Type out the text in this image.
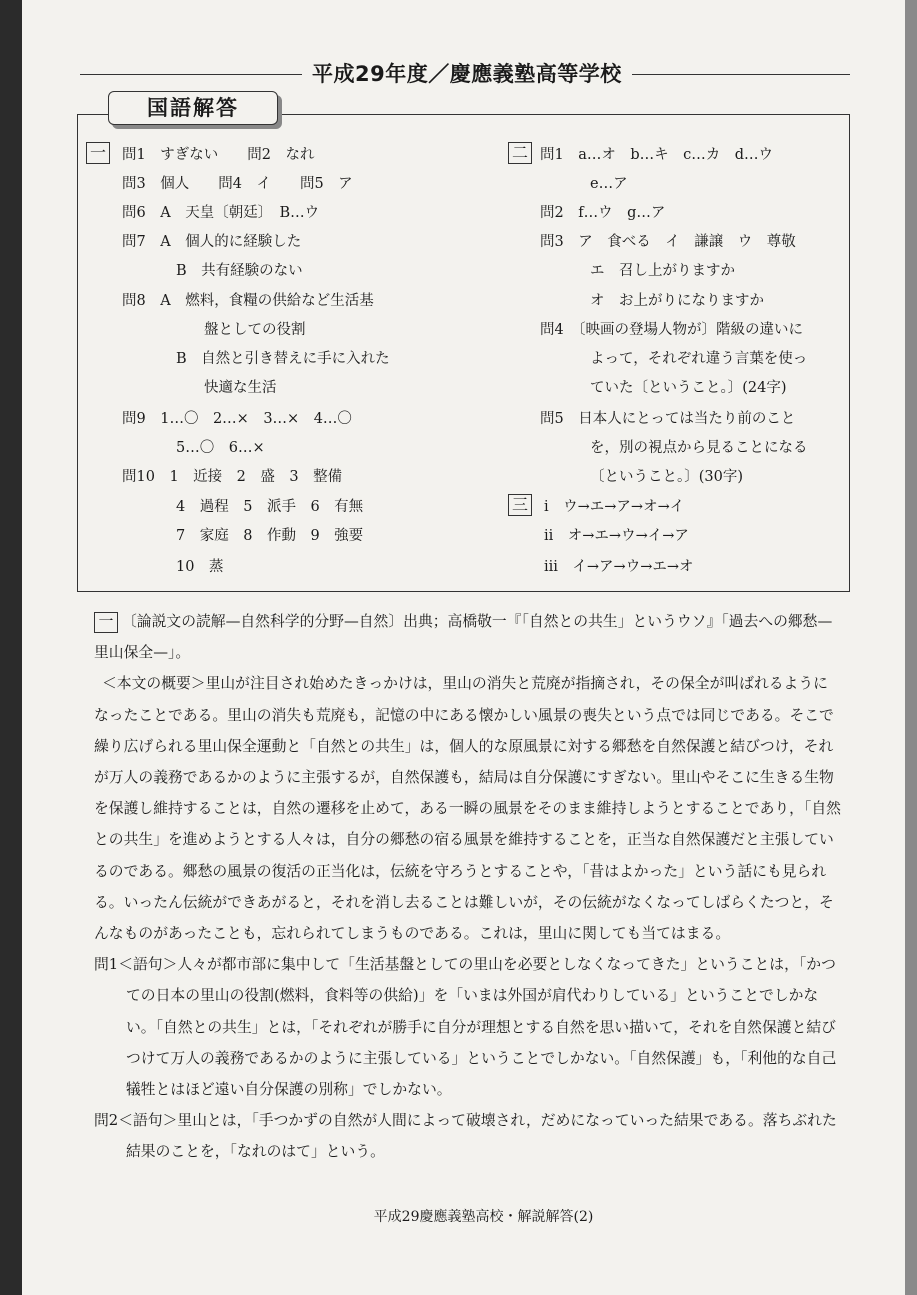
平成29年度／慶應義塾高等学校
一 問1　すぎない　　問2　なれ
問3　個人　　問4　イ　　問5　ア
問6　A　天皇〔朝廷〕　B…ウ
問7　A　個人的に経験した
B　共有経験のない
問8　A　燃料，食糧の供給など生活基
盤としての役割
B　自然と引き替えに手に入れた
快適な生活
問9　1…〇　2…×　3…×　4…〇
5…〇　6…×
問10　1　近接　2　盛　3　整備
4　過程　5　派手　6　有無
7　家庭　8　作動　9　強要
10　蒸
二 問1　a…オ　b…キ　c…カ　d…ウ
e…ア
問2　f…ウ　g…ア
問3　ア　食べる　イ　謙譲　ウ　尊敬
エ　召し上がりますか
オ　お上がりになりますか
問4　〔映画の登場人物が〕階級の違いに
よって，それぞれ違う言葉を使っ
ていた〔ということ。〕(24字)
問5　日本人にとっては当たり前のこと
を，別の視点から見ることになる
〔ということ。〕(30字)
三 ⅰ　ウ→エ→ア→オ→イ
ⅱ　オ→エ→ウ→イ→ア
ⅲ　イ→ア→ウ→エ→オ
国語解答

一 〔論説文の読解—自然科学的分野—自然〕出典；高橋敬一『「自然との共生」というウソ』「過去への郷愁—里山保全—」。

＜本文の概要＞里山が注目され始めたきっかけは，里山の消失と荒廃が指摘され，その保全が叫ばれるようになったことである。里山の消失も荒廃も，記憶の中にある懐かしい風景の喪失という点では同じである。そこで繰り広げられる里山保全運動と「自然との共生」は，個人的な原風景に対する郷愁を自然保護と結びつけ，それが万人の義務であるかのように主張するが，自然保護も，結局は自分保護にすぎない。里山やそこに生きる生物を保護し維持することは，自然の遷移を止めて，ある一瞬の風景をそのまま維持しようとすることであり，「自然との共生」を進めようとする人々は，自分の郷愁の宿る風景を維持することを，正当な自然保護だと主張しているのである。郷愁の風景の復活の正当化は，伝統を守ろうとすることや，「昔はよかった」という話にも見られる。いったん伝統ができあがると，それを消し去ることは難しいが，その伝統がなくなってしばらくたつと，そんなものがあったことも，忘れられてしまうものである。これは，里山に関しても当てはまる。

問1＜語句＞人々が都市部に集中して「生活基盤としての里山を必要としなくなってきた」ということは，「かつての日本の里山の役割(燃料，食料等の供給)」を「いまは外国が肩代わりしている」ということでしかない。「自然との共生」とは，「それぞれが勝手に自分が理想とする自然を思い描いて，それを自然保護と結びつけて万人の義務であるかのように主張している」ということでしかない。「自然保護」も，「利他的な自己犠牲とはほど遠い自分保護の別称」でしかない。

問2＜語句＞里山とは，「手つかずの自然が人間によって破壊され，だめになっていった結果である。落ちぶれた結果のことを，「なれのはて」という。

平成29慶應義塾高校・解説解答(2)
